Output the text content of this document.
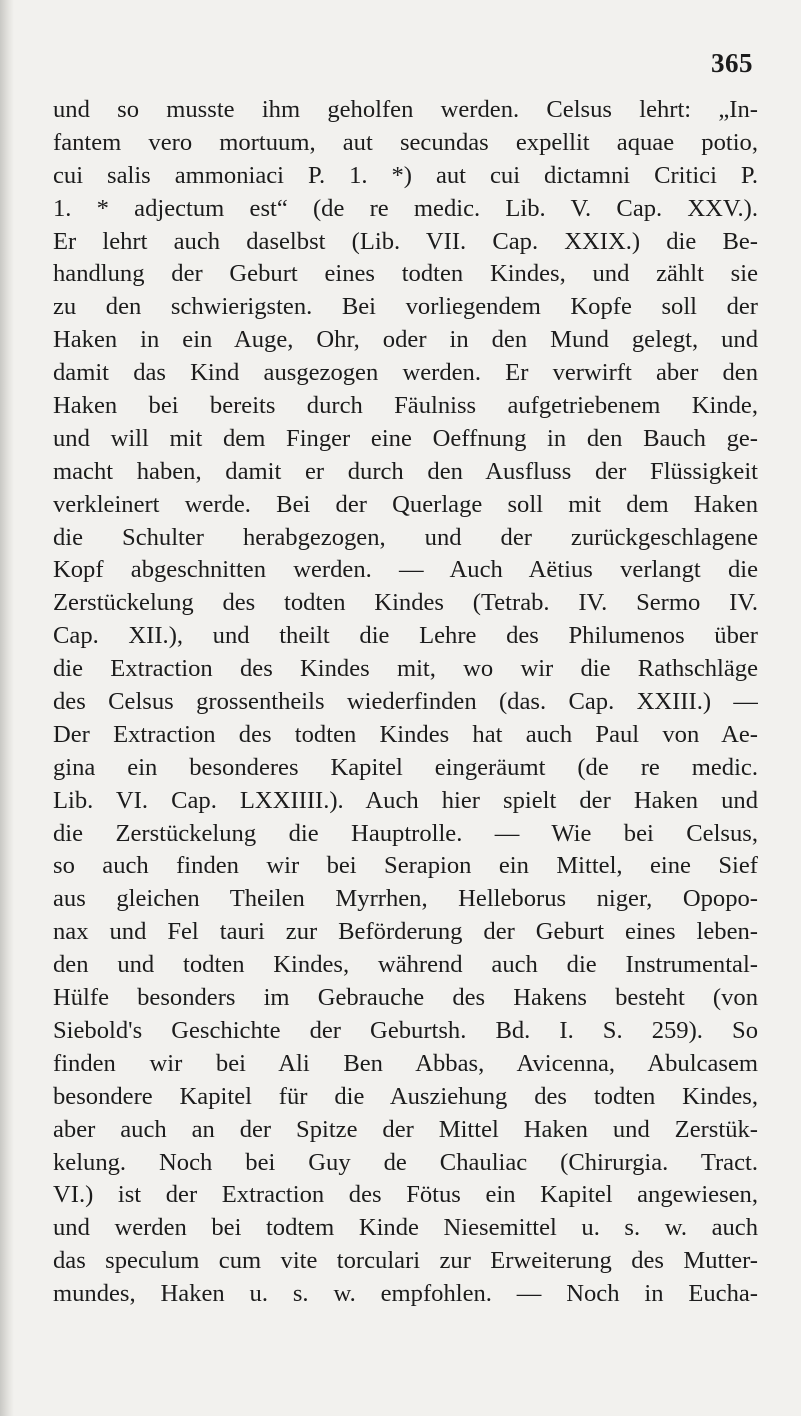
365
und so musste ihm geholfen werden. Celsus lehrt: „In-
fantem vero mortuum, aut secundas expellit aquae potio,
cui salis ammoniaci P. 1. *) aut cui dictamni Critici P.
1. * adjectum est“ (de re medic. Lib. V. Cap. XXV.).
Er lehrt auch daselbst (Lib. VII. Cap. XXIX.) die Be-
handlung der Geburt eines todten Kindes, und zählt sie
zu den schwierigsten. Bei vorliegendem Kopfe soll der
Haken in ein Auge, Ohr, oder in den Mund gelegt, und
damit das Kind ausgezogen werden. Er verwirft aber den
Haken bei bereits durch Fäulniss aufgetriebenem Kinde,
und will mit dem Finger eine Oeffnung in den Bauch ge-
macht haben, damit er durch den Ausfluss der Flüssigkeit
verkleinert werde. Bei der Querlage soll mit dem Haken
die Schulter herabgezogen, und der zurückgeschlagene
Kopf abgeschnitten werden. — Auch Aëtius verlangt die
Zerstückelung des todten Kindes (Tetrab. IV. Sermo IV.
Cap. XII.), und theilt die Lehre des Philumenos über
die Extraction des Kindes mit, wo wir die Rathschläge
des Celsus grossentheils wiederfinden (das. Cap. XXIII.) —
Der Extraction des todten Kindes hat auch Paul von Ae-
gina ein besonderes Kapitel eingeräumt (de re medic.
Lib. VI. Cap. LXXIIII.). Auch hier spielt der Haken und
die Zerstückelung die Hauptrolle. — Wie bei Celsus,
so auch finden wir bei Serapion ein Mittel, eine Sief
aus gleichen Theilen Myrrhen, Helleborus niger, Opopo-
nax und Fel tauri zur Beförderung der Geburt eines leben-
den und todten Kindes, während auch die Instrumental-
Hülfe besonders im Gebrauche des Hakens besteht (von
Siebold's Geschichte der Geburtsh. Bd. I. S. 259). So
finden wir bei Ali Ben Abbas, Avicenna, Abulcasem
besondere Kapitel für die Ausziehung des todten Kindes,
aber auch an der Spitze der Mittel Haken und Zerstük-
kelung. Noch bei Guy de Chauliac (Chirurgia. Tract.
VI.) ist der Extraction des Fötus ein Kapitel angewiesen,
und werden bei todtem Kinde Niesemittel u. s. w. auch
das speculum cum vite torculari zur Erweiterung des Mutter-
mundes, Haken u. s. w. empfohlen. — Noch in Eucha-
